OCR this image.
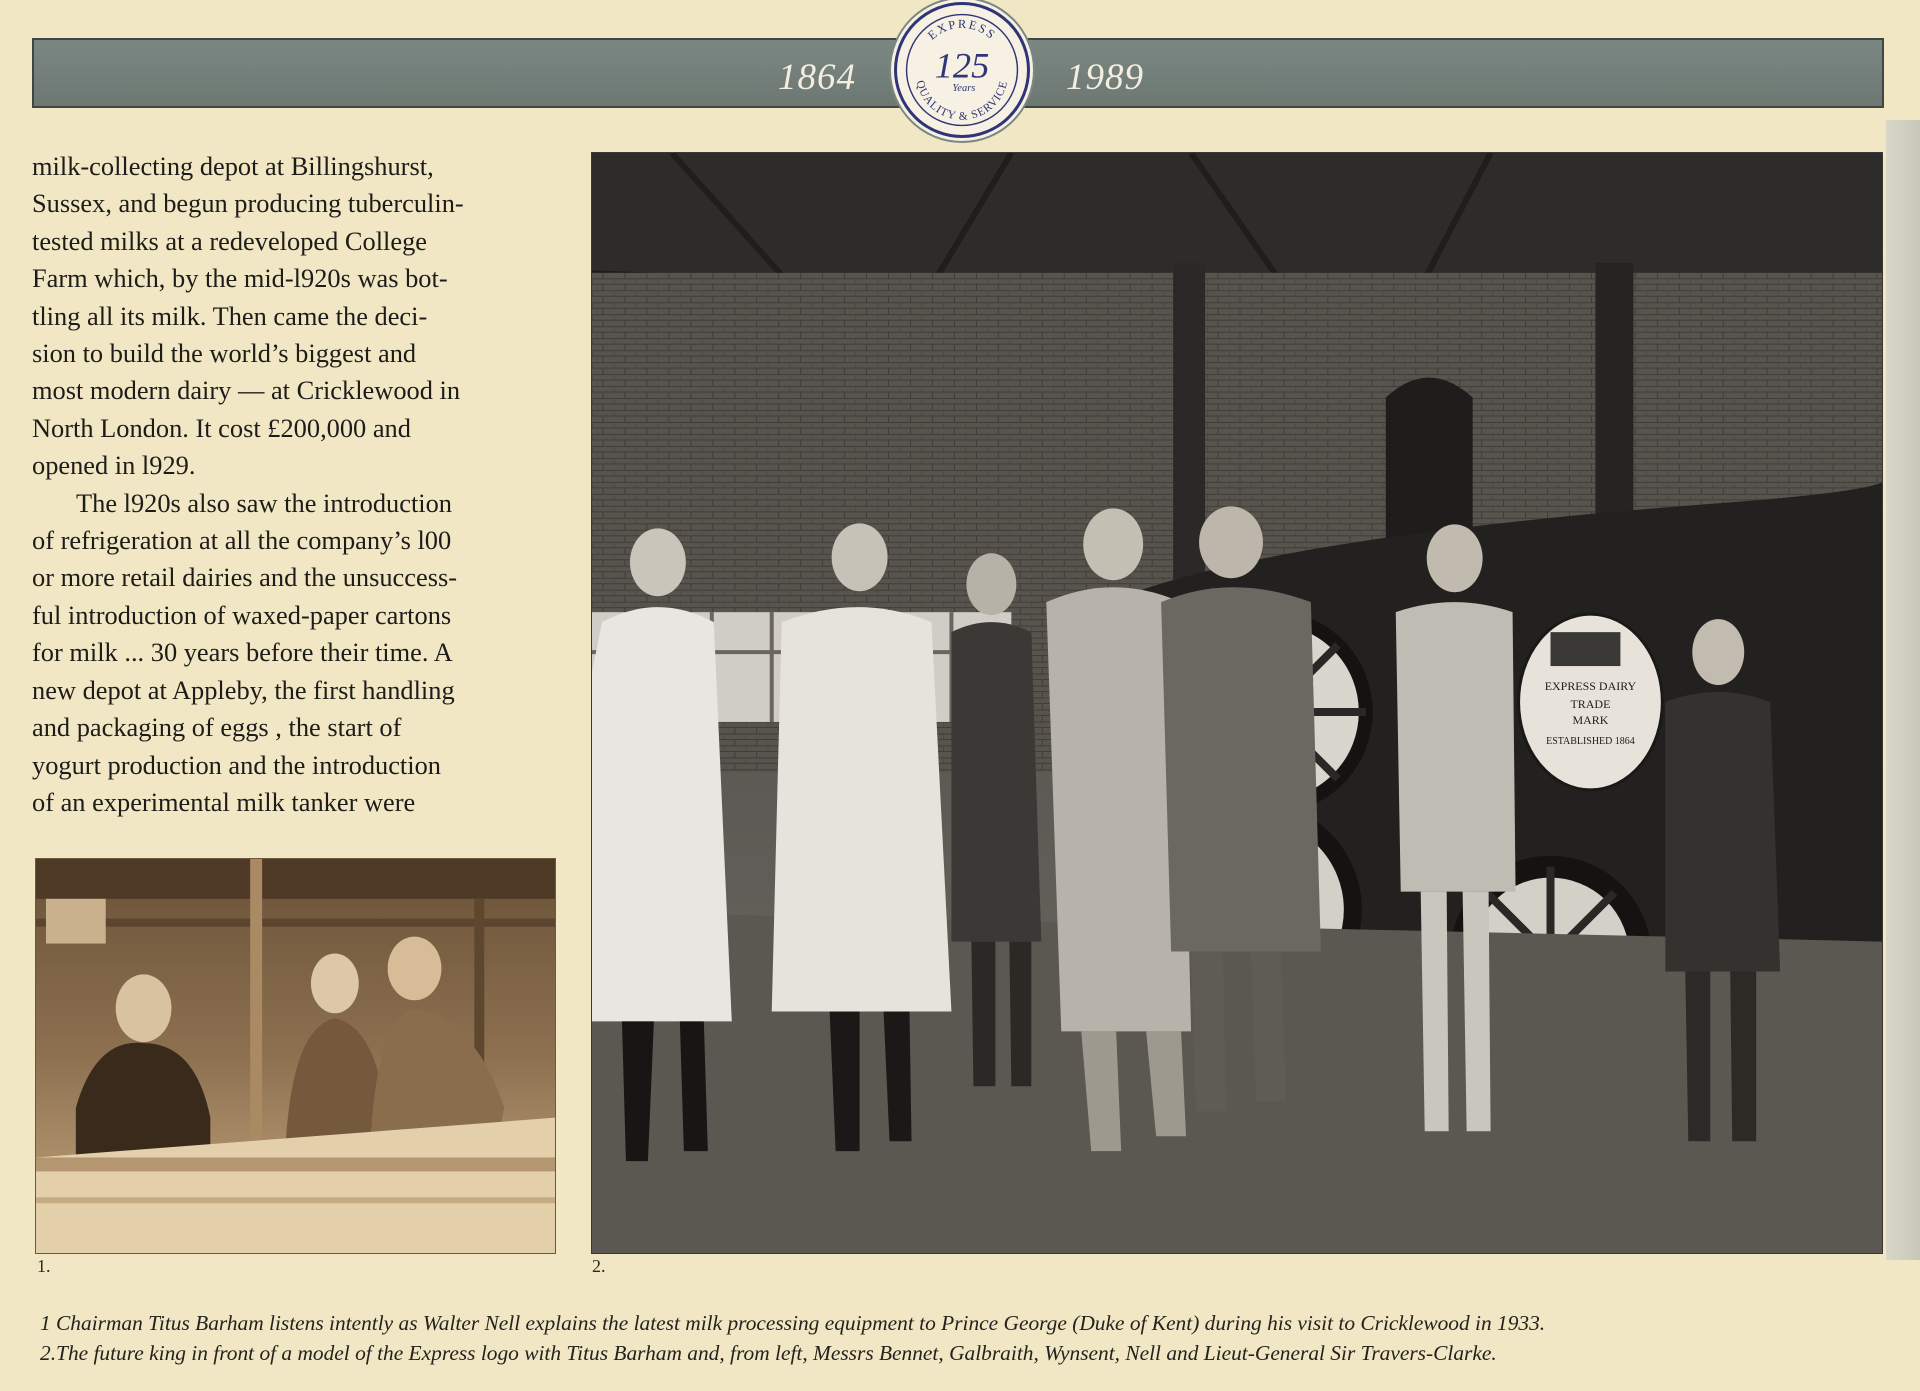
1864	1989
EXPRESS
QUALITY & SERVICE
125
Years

milk-collecting depot at Billingshurst,

Sussex, and begun producing tuberculin-

tested milks at a redeveloped College

Farm which, by the mid-l920s was bot-

tling all its milk. Then came the deci-

sion to build the world’s biggest and

most modern dairy — at Cricklewood in

North London. It cost £200,000 and

opened in l929.

The l920s also saw the introduction

of refrigeration at all the company’s l00

or more retail dairies and the unsuccess-

ful introduction of waxed-paper cartons

for milk ... 30 years before their time. A

new depot at Appleby, the first handling

and packaging of eggs , the start of

yogurt production and the introduction

of an experimental milk tanker were

1.
EXPRESS DAIRY
TRADE
MARK
ESTABLISHED 1864
2.

1 Chairman Titus Barham listens intently as Walter Nell explains the latest milk processing equipment to Prince George (Duke of Kent) during his visit to Cricklewood in 1933.

2.The future king in front of a model of the Express logo with Titus Barham and, from left, Messrs Bennet, Galbraith, Wynsent, Nell and Lieut-General Sir Travers-Clarke.
